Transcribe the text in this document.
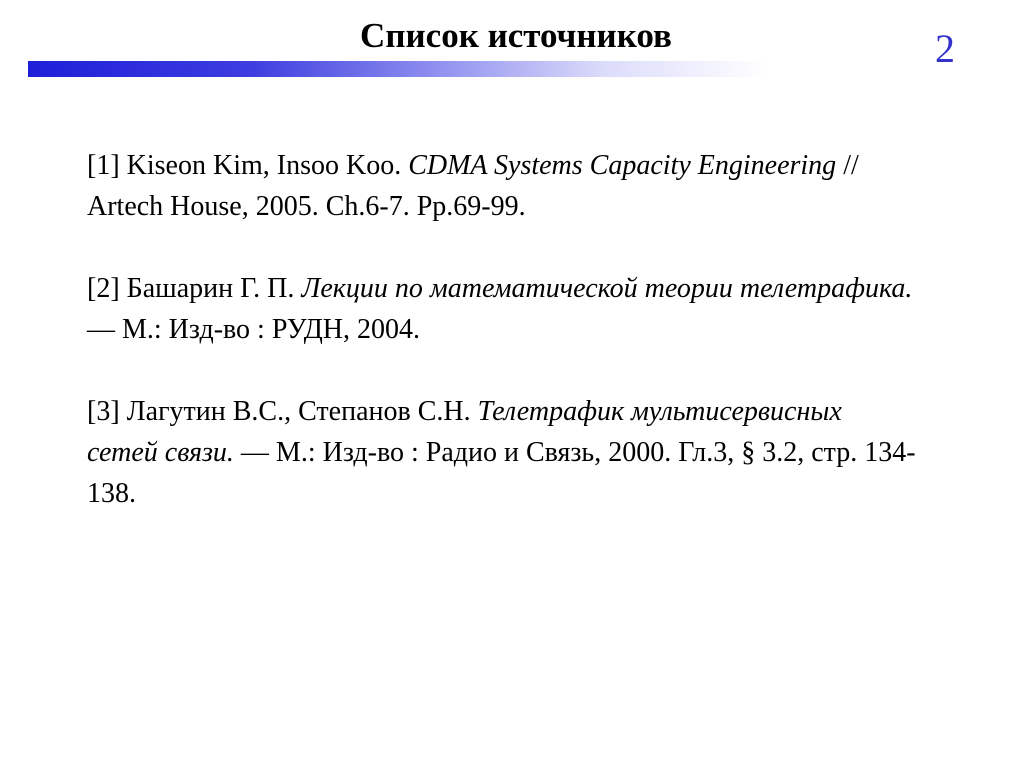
Список источников	2

[1] Kiseon Kim, Insoo Koo. CDMA Systems Capacity Engineering // Artech House, 2005. Ch.6-7. Pp.69-99.

[2] Башарин Г. П. Лекции по математической теории телетрафика. — М.: Изд-во : РУДН, 2004.

[3] Лагутин В.С., Степанов С.Н. Телетрафик мультисервисных сетей связи. — М.: Изд-во : Радио и Связь, 2000. Гл.3, § 3.2, стр. 134-138.
